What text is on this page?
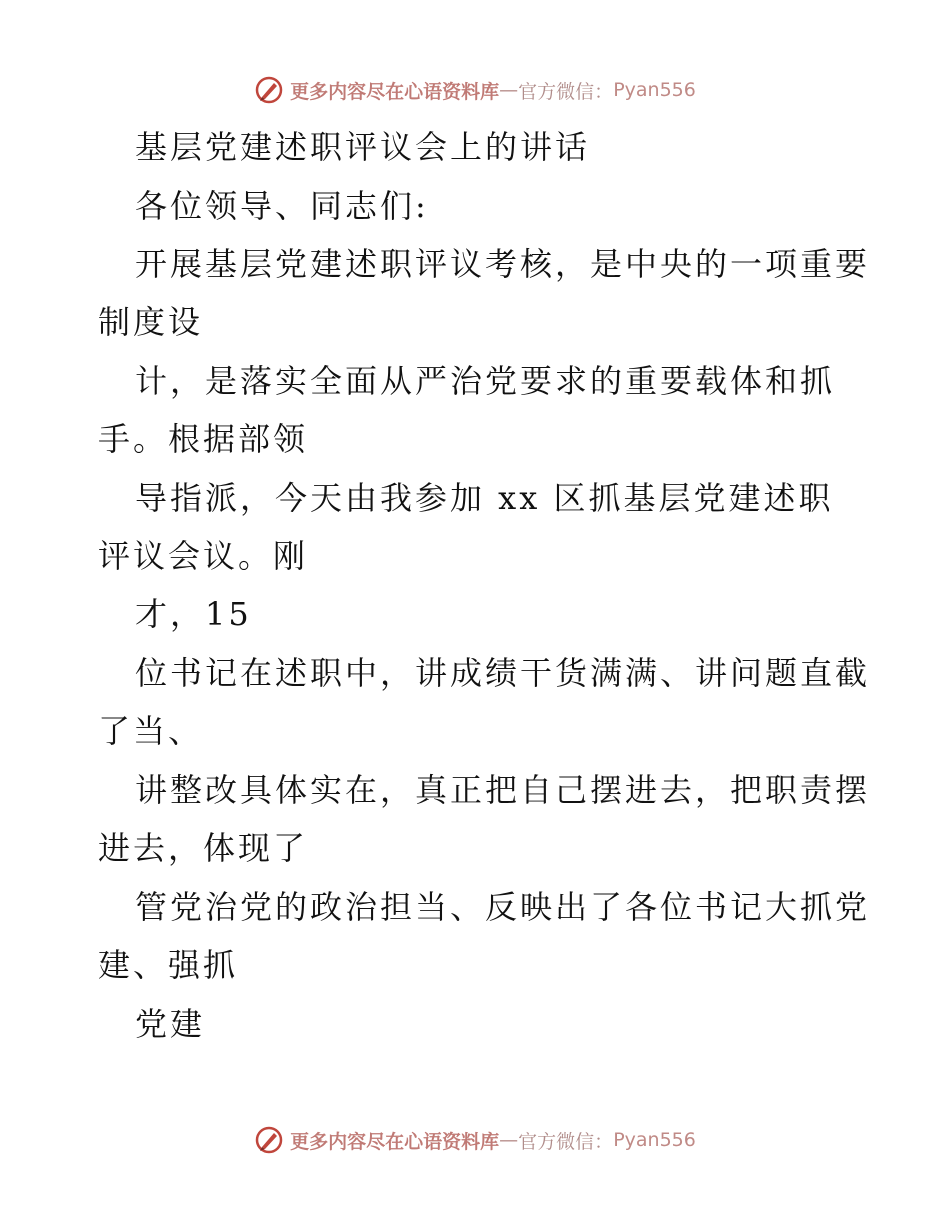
更多内容尽在心语资料库 — 官方微信： Pyan556
基层党建述职评议会上的讲话
各位领导、同志们:
开展基层党建述职评议考核，是中央的一项重要
制度设
计，是落实全面从严治党要求的重要载体和抓
手。根据部领
导指派，今天由我参加 xx 区抓基层党建述职
评议会议。刚
才，15
位书记在述职中，讲成绩干货满满、讲问题直截
了当、
讲整改具体实在，真正把自己摆进去，把职责摆
进去，体现了
管党治党的政治担当、反映出了各位书记大抓党
建、强抓
党建
更多内容尽在心语资料库 — 官方微信： Pyan556
